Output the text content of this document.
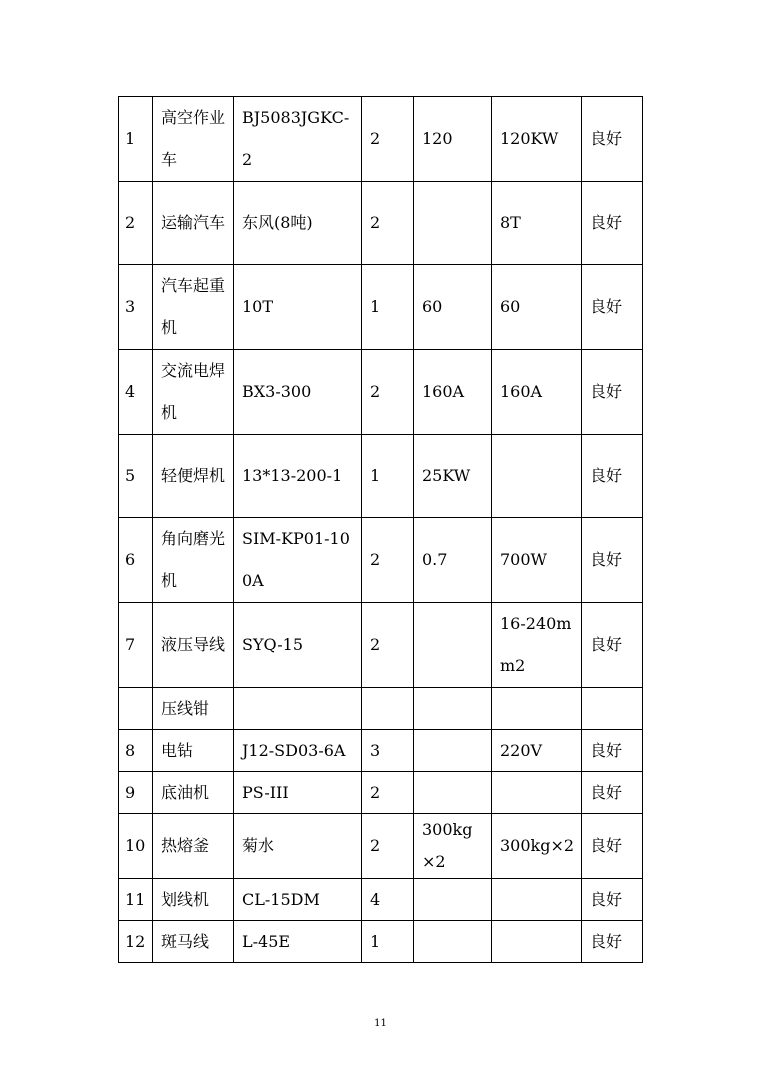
1	高空作业车	BJ5083JGKC-2	2	120	120KW	良好
2	运输汽车	东风(8吨)	2		8T	良好
3	汽车起重机	10T	1	60	60	良好
4	交流电焊机	BX3-300	2	160A	160A	良好
5	轻便焊机	13*13-200-1	1	25KW		良好
6	角向磨光机	SIM-KP01-100A	2	0.7	700W	良好
7	液压导线	SYQ-15	2		16-240mm2	良好
	压线钳					
8	电钻	J12-SD03-6A	3		220V	良好
9	底油机	PS-III	2			良好
10	热熔釜	菊水	2	300kg×2	300kg×2	良好
11	划线机	CL-15DM	4			良好
12	斑马线	L-45E	1			良好
11
